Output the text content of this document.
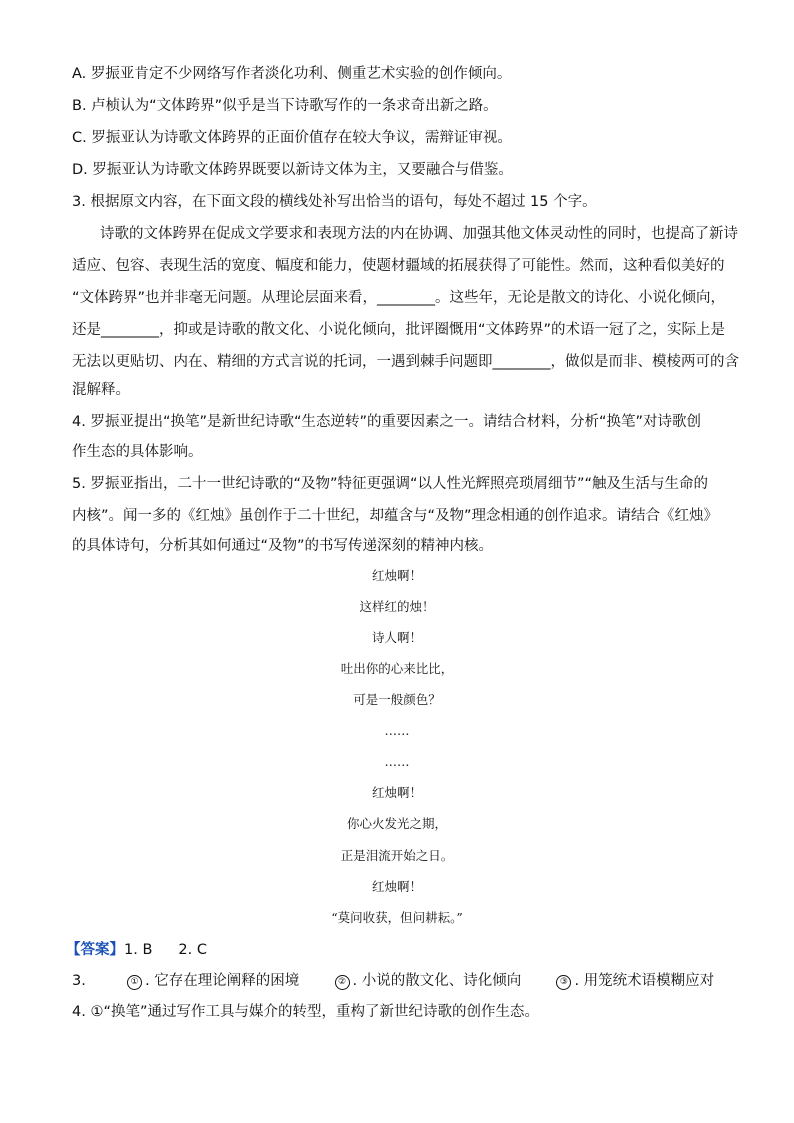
A. 罗振亚肯定不少网络写作者淡化功利、侧重艺术实验的创作倾向。
B. 卢桢认为“文体跨界”似乎是当下诗歌写作的一条求奇出新之路。
C. 罗振亚认为诗歌文体跨界的正面价值存在较大争议，需辩证审视。
D. 罗振亚认为诗歌文体跨界既要以新诗文体为主，又要融合与借鉴。
3. 根据原文内容，在下面文段的横线处补写出恰当的语句，每处不超过 15 个字。
诗歌的文体跨界在促成文学要求和表现方法的内在协调、加强其他文体灵动性的同时，也提高了新诗
适应、包容、表现生活的宽度、幅度和能力，使题材疆域的拓展获得了可能性。然而，这种看似美好的
“文体跨界”也并非毫无问题。从理论层面来看，________。这些年，无论是散文的诗化、小说化倾向，
还是________，抑或是诗歌的散文化、小说化倾向，批评圈慨用“文体跨界”的术语一冠了之，实际上是
无法以更贴切、内在、精细的方式言说的托词，一遇到棘手问题即________，做似是而非、模棱两可的含
混解释。
4. 罗振亚提出“换笔”是新世纪诗歌“生态逆转”的重要因素之一。请结合材料，分析“换笔”对诗歌创
作生态的具体影响。
5. 罗振亚指出，二十一世纪诗歌的“及物”特征更强调“以人性光辉照亮琐屑细节”“触及生活与生命的
内核”。闻一多的《红烛》虽创作于二十世纪，却蕴含与“及物”理念相通的创作追求。请结合《红烛》
的具体诗句，分析其如何通过“及物”的书写传递深刻的精神内核。
红烛啊！
这样红的烛！
诗人啊！
吐出你的心来比比，
可是一般颜色？
……
……
红烛啊！
你心火发光之期，
正是泪流开始之日。
红烛啊！
“莫问收获，但问耕耘。”
【答案】1. B 2. C
3.	① . 它存在理论阐释的困境	② . 小说的散文化、诗化倾向	③ . 用笼统术语模糊应对
4. ①“换笔”通过写作工具与媒介的转型，重构了新世纪诗歌的创作生态。
